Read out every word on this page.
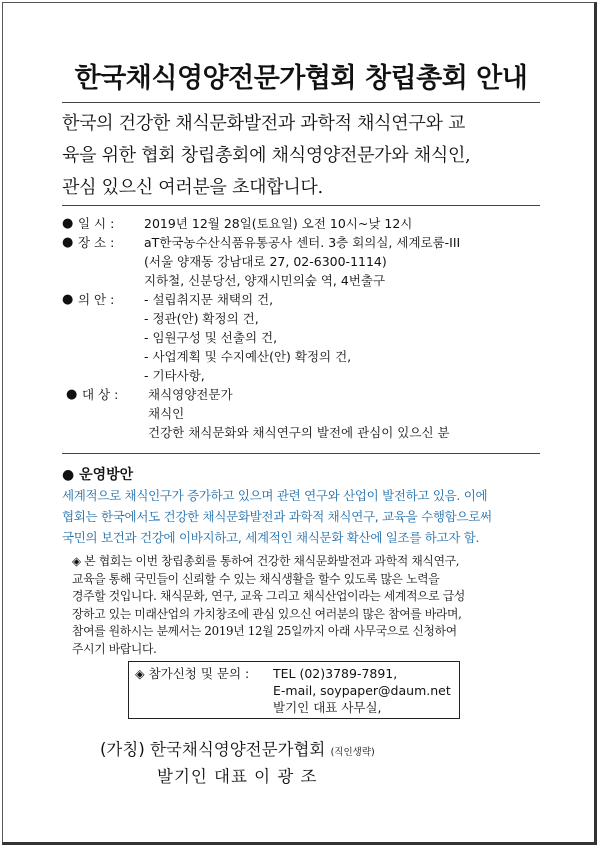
한국채식영양전문가협회 창립총회 안내

한국의 건강한 채식문화발전과 과학적 채식연구와 교

육을 위한 협회 창립총회에 채식영양전문가와 채식인,

관심 있으신 여러분을 초대합니다.

● 일 시 :	2019년 12월 28일(토요일) 오전 10시~낮 12시
● 장 소 :	aT한국농수산식품유통공사 센터. 3층 회의실, 세계로룸-III
(서울 양재동 강남대로 27, 02-6300-1114)
지하철, 신분당선, 양재시민의숲 역, 4번출구
● 의 안 :	- 설립취지문 채택의 건,
- 정관(안) 확정의 건,
- 임원구성 및 선출의 건,
- 사업계획 및 수지예산(안) 확정의 건,
- 기타사항,
● 대 상 :	채식영양전문가
채식인
건강한 채식문화와 채식연구의 발전에 관심이 있으신 분
● 운영방안
세계적으로 채식인구가 증가하고 있으며 관련 연구와 산업이 발전하고 있음. 이에
협회는 한국에서도 건강한 채식문화발전과 과학적 채식연구, 교육을 수행함으로써
국민의 보건과 건강에 이바지하고, 세계적인 채식문화 확산에 일조를 하고자 함.
◈ 본 협회는 이번 창립총회를 통하여 건강한 채식문화발전과 과학적 채식연구,
교육을 통해 국민들이 신뢰할 수 있는 채식생활을 할수 있도록 많은 노력을
경주할 것입니다. 채식문화, 연구, 교육 그리고 채식산업이라는 세계적으로 급성
장하고 있는 미래산업의 가치창조에 관심 있으신 여러분의 많은 참여를 바라며,
참여를 원하시는 분께서는 2019년 12월 25일까지 아래 사무국으로 신청하여
주시기 바랍니다.
◈ 참가신청 및 문의 :	TEL (02)3789-7891,
E-mail, soypaper@daum.net
발기인 대표 사무실,
(가칭) 한국채식영양전문가협회 (직인생략)
발기인 대표 이 광 조
